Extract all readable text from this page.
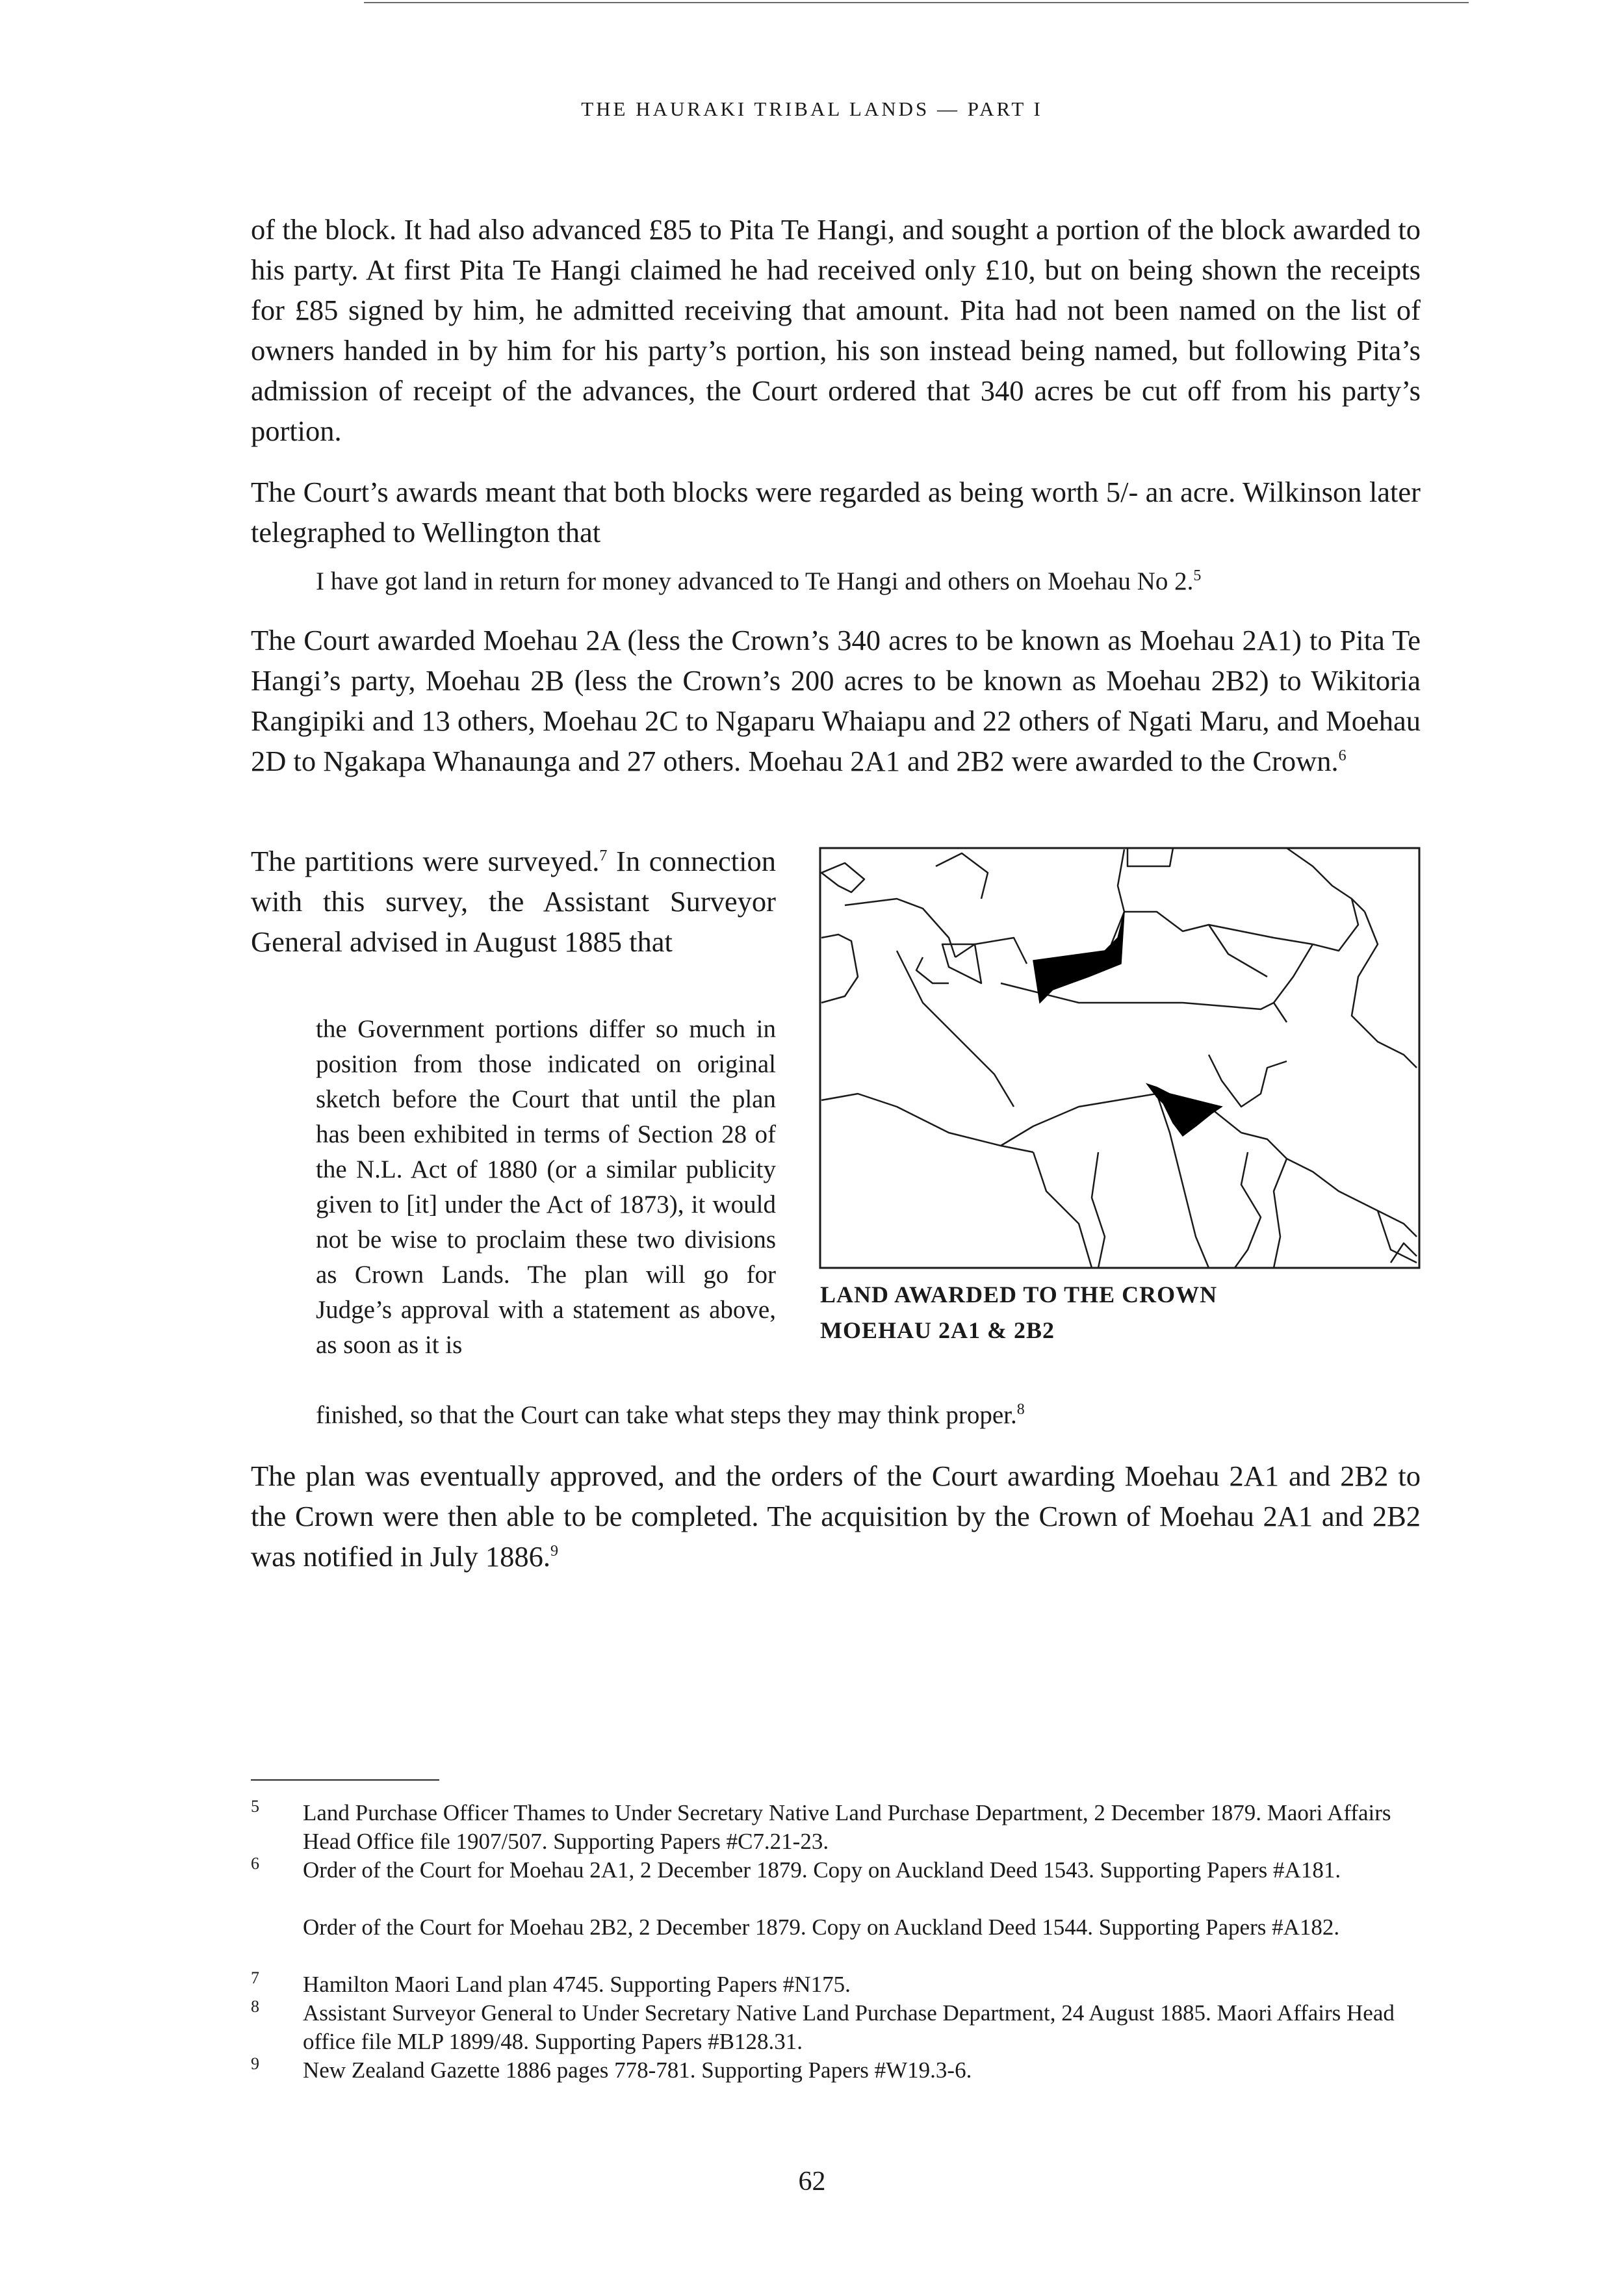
THE HAURAKI TRIBAL LANDS — PART I

of the block. It had also advanced £85 to Pita Te Hangi, and sought a portion of the block awarded to his party. At first Pita Te Hangi claimed he had received only £10, but on being shown the receipts for £85 signed by him, he admitted receiving that amount. Pita had not been named on the list of owners handed in by him for his party’s portion, his son instead being named, but following Pita’s admission of receipt of the advances, the Court ordered that 340 acres be cut off from his party’s portion.

The Court’s awards meant that both blocks were regarded as being worth 5/- an acre. Wilkinson later telegraphed to Wellington that

I have got land in return for money advanced to Te Hangi and others on Moehau No 2.$^5$

The Court awarded Moehau 2A (less the Crown’s 340 acres to be known as Moehau 2A1) to Pita Te Hangi’s party, Moehau 2B (less the Crown’s 200 acres to be known as Moehau 2B2) to Wikitoria Rangipiki and 13 others, Moehau 2C to Ngaparu Whaiapu and 22 others of Ngati Maru, and Moehau 2D to Ngakapa Whanaunga and 27 others. Moehau 2A1 and 2B2 were awarded to the Crown.$^6$

The partitions were surveyed.$^7$ In connection with this survey, the Assistant Surveyor General advised in August 1885 that

the Government portions differ so much in position from those indicated on original sketch before the Court that until the plan has been exhibited in terms of Section 28 of the N.L. Act of 1880 (or a similar publicity given to [it] under the Act of 1873), it would not be wise to proclaim these two divisions as Crown Lands. The plan will go for Judge’s approval with a statement as above, as soon as it is

finished, so that the Court can take what steps they may think proper.$^8$

LAND AWARDED TO THE CROWN
MOEHAU 2A1 & 2B2

The plan was eventually approved, and the orders of the Court awarding Moehau 2A1 and 2B2 to the Crown were then able to be completed. The acquisition by the Crown of Moehau 2A1 and 2B2 was notified in July 1886.$^9$

5 Land Purchase Officer Thames to Under Secretary Native Land Purchase Department, 2 December 1879. Maori Affairs Head Office file 1907/507. Supporting Papers #C7.21-23.
6 Order of the Court for Moehau 2A1, 2 December 1879. Copy on Auckland Deed 1543. Supporting Papers #A181.
Order of the Court for Moehau 2B2, 2 December 1879. Copy on Auckland Deed 1544. Supporting Papers #A182.
7 Hamilton Maori Land plan 4745. Supporting Papers #N175.
8 Assistant Surveyor General to Under Secretary Native Land Purchase Department, 24 August 1885. Maori Affairs Head office file MLP 1899/48. Supporting Papers #B128.31.
9 New Zealand Gazette 1886 pages 778-781. Supporting Papers #W19.3-6.
62
